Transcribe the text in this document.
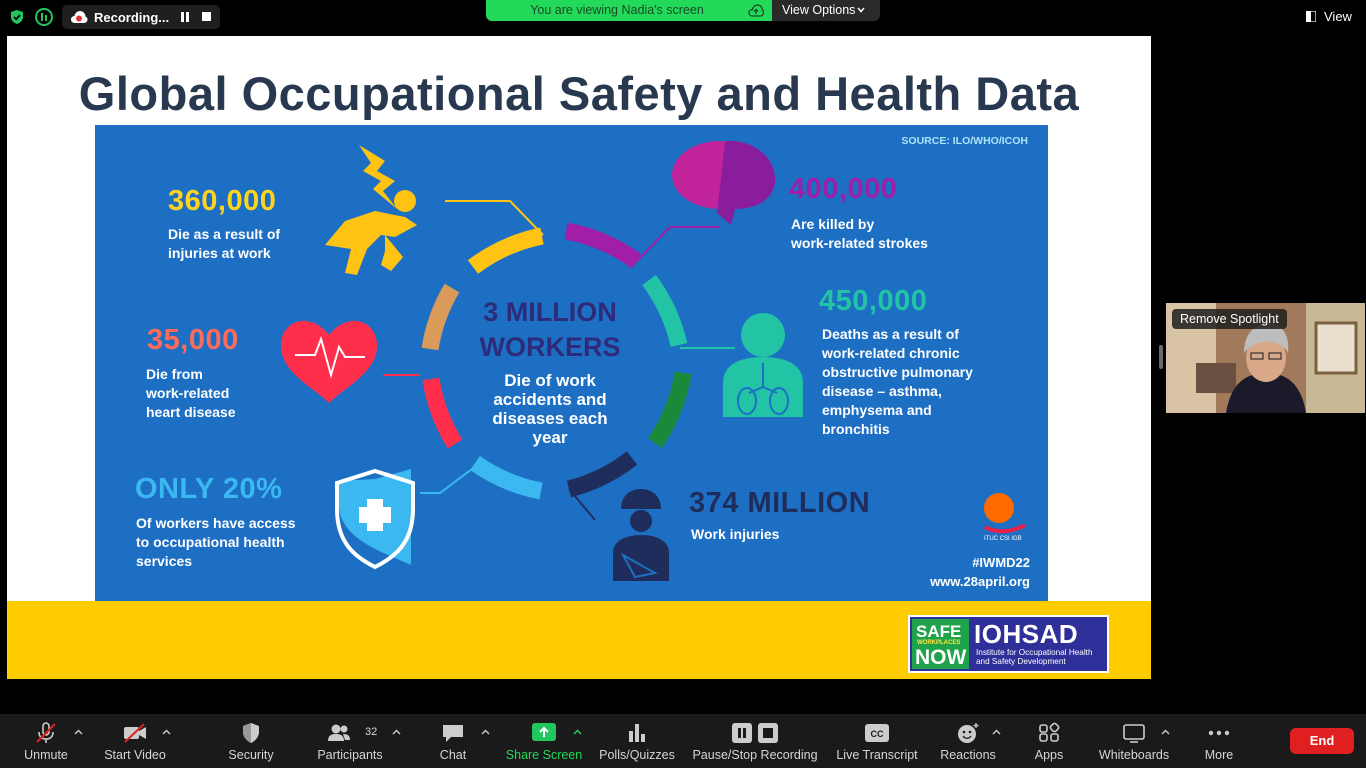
Recording...	You are viewing Nadia's screen	View Options	View
Global Occupational Safety and Health Data
SOURCE: ILO/WHO/ICOH
360,000
Die as a result of
injuries at work
400,000
Are killed by
work-related strokes
35,000
Die from
work-related
heart disease
450,000
Deaths as a result of
work-related chronic
obstructive pulmonary
disease – asthma,
emphysema and
bronchitis
ONLY 20%
Of workers have access
to occupational health
services
374 MILLION
Work injuries
3 MILLION
WORKERS
Die of work
accidents and
diseases each
year
ITUC CSI IGB
#IWMD22
www.28april.org
SAFE
WORKPLACES
NOW
IOHSAD
Institute for Occupational Health
and Safety Development
Remove Spotlight
Unmute	Start Video	Security
32
Participants	Chat	Share Screen Polls/Quizzes Pause/Stop Recording
CC
Live Transcript	Reactions	Apps	Whiteboards	More
End
